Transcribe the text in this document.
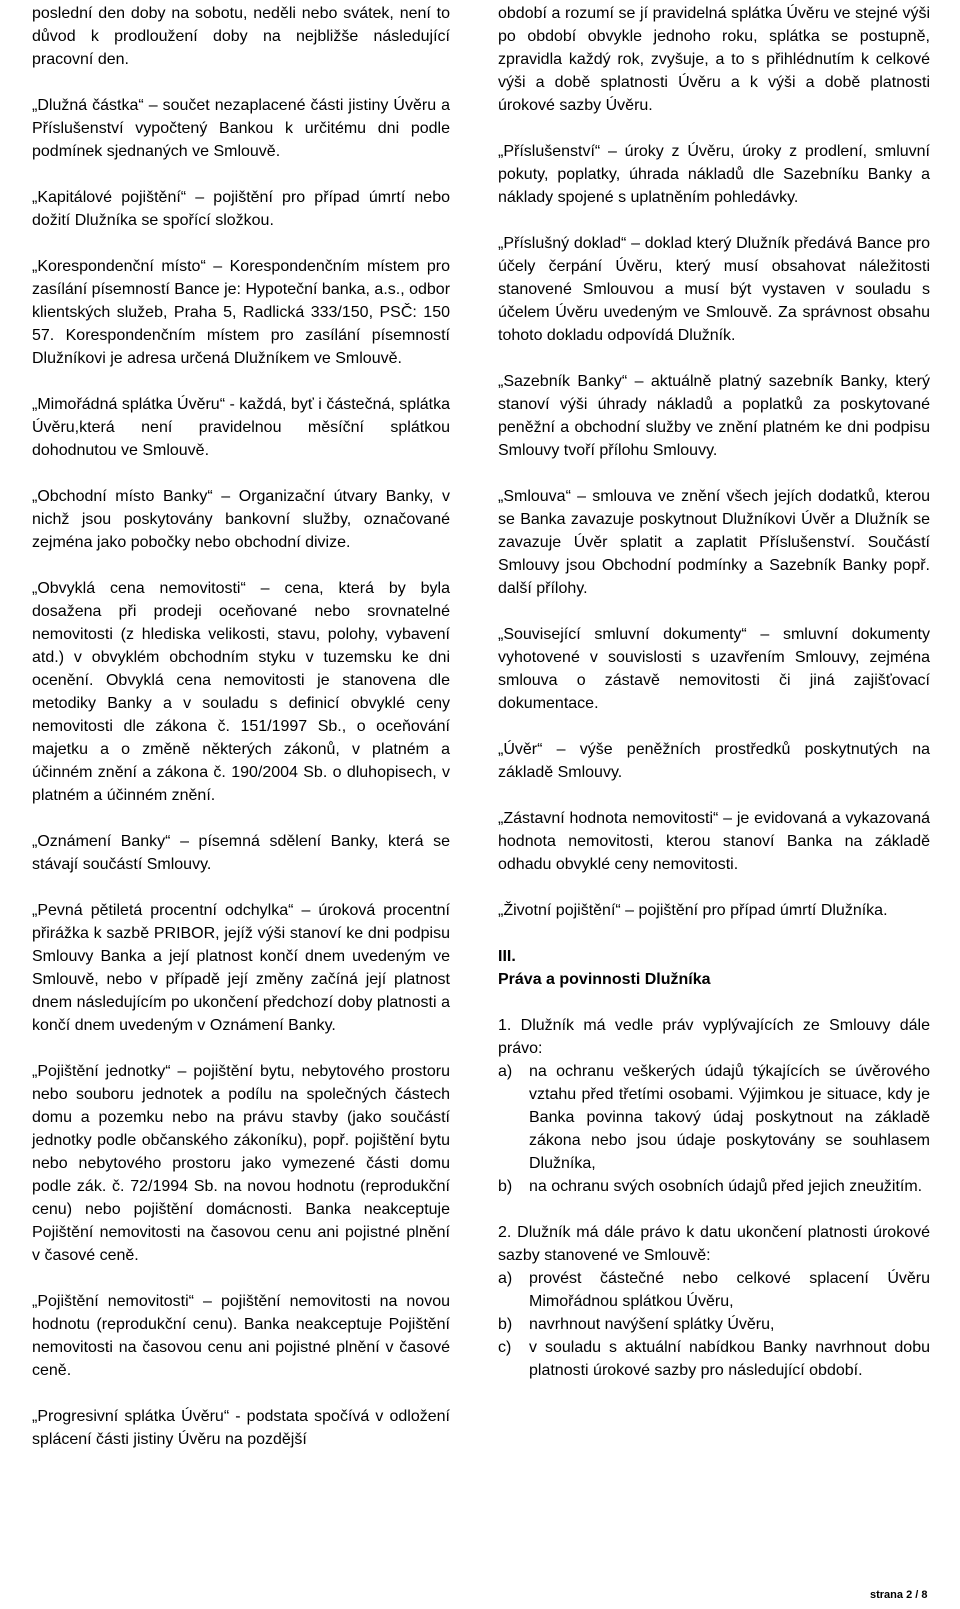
poslední den doby na sobotu, neděli nebo svátek, není to důvod k prodloužení doby na nejbližše následující pracovní den.

„Dlužná částka“ – součet nezaplacené části jistiny Úvěru a Příslušenství vypočtený Bankou k určitému dni podle podmínek sjednaných ve Smlouvě.

„Kapitálové pojištění“ – pojištění pro případ úmrtí nebo dožití Dlužníka se spořící složkou.

„Korespondenční místo“ – Korespondenčním místem pro zasílání písemností Bance je: Hypoteční banka, a.s., odbor klientských služeb, Praha 5, Radlická 333/150, PSČ: 150 57. Korespondenčním místem pro zasílání písemností Dlužníkovi je adresa určená Dlužníkem ve Smlouvě.

„Mimořádná splátka Úvěru“ - každá, byť i částečná, splátka Úvěru,která není pravidelnou měsíční splátkou dohodnutou ve Smlouvě.

„Obchodní místo Banky“ – Organizační útvary Banky, v nichž jsou poskytovány bankovní služby, označované zejména jako pobočky nebo obchodní divize.

„Obvyklá cena nemovitosti“ – cena, která by byla dosažena při prodeji oceňované nebo srovnatelné nemovitosti (z hlediska velikosti, stavu, polohy, vybavení atd.) v obvyklém obchodním styku v tuzemsku ke dni ocenění. Obvyklá cena nemovitosti je stanovena dle metodiky Banky a v souladu s definicí obvyklé ceny nemovitosti dle zákona č. 151/1997 Sb., o oceňování majetku a o změně některých zákonů, v platném a účinném znění a zákona č. 190/2004 Sb. o dluhopisech, v platném a účinném znění.

„Oznámení Banky“ – písemná sdělení Banky, která se stávají součástí Smlouvy.

„Pevná pětiletá procentní odchylka“ – úroková procentní přirážka k sazbě PRIBOR, jejíž výši stanoví ke dni podpisu Smlouvy Banka a její platnost končí dnem uvedeným ve Smlouvě, nebo v případě její změny začíná její platnost dnem následujícím po ukončení předchozí doby platnosti a končí dnem uvedeným v Oznámení Banky.

„Pojištění jednotky“ – pojištění bytu, nebytového prostoru nebo souboru jednotek a podílu na společných částech domu a pozemku nebo na právu stavby (jako součástí jednotky podle občanského zákoníku), popř. pojištění bytu nebo nebytového prostoru jako vymezené části domu podle zák. č. 72/1994 Sb. na novou hodnotu (reprodukční cenu) nebo pojištění domácnosti. Banka neakceptuje Pojištění nemovitosti na časovou cenu ani pojistné plnění v časové ceně.

„Pojištění nemovitosti“ – pojištění nemovitosti na novou hodnotu (reprodukční cenu). Banka neakceptuje Pojištění nemovitosti na časovou cenu ani pojistné plnění v časové ceně.

„Progresivní splátka Úvěru“ - podstata spočívá v odložení splácení části jistiny Úvěru na pozdější

období a rozumí se jí pravidelná splátka Úvěru ve stejné výši po období obvykle jednoho roku, splátka se postupně, zpravidla každý rok, zvyšuje, a to s přihlédnutím k celkové výši a době splatnosti Úvěru a k výši a době platnosti úrokové sazby Úvěru.

„Příslušenství“ – úroky z Úvěru, úroky z prodlení, smluvní pokuty, poplatky, úhrada nákladů dle Sazebníku Banky a náklady spojené s uplatněním pohledávky.

„Příslušný doklad“ – doklad který Dlužník předává Bance pro účely čerpání Úvěru, který musí obsahovat náležitosti stanovené Smlouvou a musí být vystaven v souladu s účelem Úvěru uvedeným ve Smlouvě. Za správnost obsahu tohoto dokladu odpovídá Dlužník.

„Sazebník Banky“ – aktuálně platný sazebník Banky, který stanoví výši úhrady nákladů a poplatků za poskytované peněžní a obchodní služby ve znění platném ke dni podpisu Smlouvy tvoří přílohu Smlouvy.

„Smlouva“ – smlouva ve znění všech jejích dodatků, kterou se Banka zavazuje poskytnout Dlužníkovi Úvěr a Dlužník se zavazuje Úvěr splatit a zaplatit Příslušenství. Součástí Smlouvy jsou Obchodní podmínky a Sazebník Banky popř. další přílohy.

„Související smluvní dokumenty“ – smluvní dokumenty vyhotovené v souvislosti s uzavřením Smlouvy, zejména smlouva o zástavě nemovitosti či jiná zajišťovací dokumentace.

„Úvěr“ – výše peněžních prostředků poskytnutých na základě Smlouvy.

„Zástavní hodnota nemovitosti“ – je evidovaná a vykazovaná hodnota nemovitosti, kterou stanoví Banka na základě odhadu obvyklé ceny nemovitosti.

„Životní pojištění“ – pojištění pro případ úmrtí Dlužníka.

III.

Práva a povinnosti Dlužníka

1. Dlužník má vedle práv vyplývajících ze Smlouvy dále právo:

a) na ochranu veškerých údajů týkajících se úvěrového vztahu před třetími osobami. Výjimkou je situace, kdy je Banka povinna takový údaj poskytnout na základě zákona nebo jsou údaje poskytovány se souhlasem Dlužníka,
b) na ochranu svých osobních údajů před jejich zneužitím.

2. Dlužník má dále právo k datu ukončení platnosti úrokové sazby stanovené ve Smlouvě:

a) provést částečné nebo celkové splacení Úvěru Mimořádnou splátkou Úvěru,
b) navrhnout navýšení splátky Úvěru,
c) v souladu s aktuální nabídkou Banky navrhnout dobu platnosti úrokové sazby pro následující období.
strana 2 / 8
